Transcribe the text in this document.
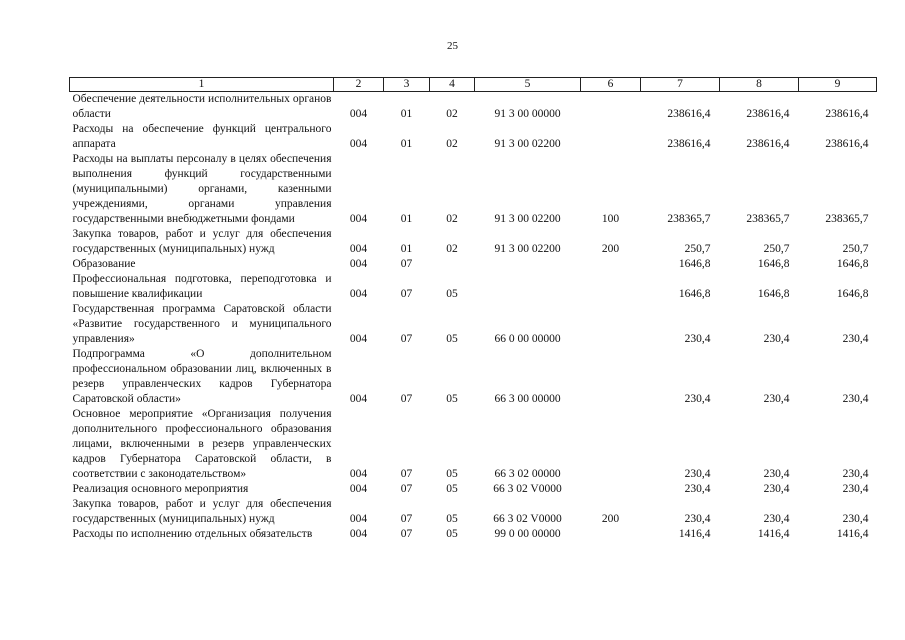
25
1	2	3	4	5	6	7	8	9
Обеспечение деятельности исполнительных органов области	004	01	02	91 3 00 00000		238616,4	238616,4	238616,4
Расходы на обеспечение функций центрального аппарата	004	01	02	91 3 00 02200		238616,4	238616,4	238616,4
Расходы на выплаты персоналу в целях обеспечения выполнения функций государственными (муниципальными) органами, казенными учреждениями, органами управления государственными внебюджетными фондами	004	01	02	91 3 00 02200	100	238365,7	238365,7	238365,7
Закупка товаров, работ и услуг для обеспечения государственных (муниципальных) нужд	004	01	02	91 3 00 02200	200	250,7	250,7	250,7
Образование	004	07				1646,8	1646,8	1646,8
Профессиональная подготовка, переподготовка и повышение квалификации	004	07	05			1646,8	1646,8	1646,8
Государственная программа Саратовской области «Развитие государственного и муниципального управления»	004	07	05	66 0 00 00000		230,4	230,4	230,4
Подпрограмма «О дополнительном профессиональном образовании лиц, включенных в резерв управленческих кадров Губернатора Саратовской области»	004	07	05	66 3 00 00000		230,4	230,4	230,4
Основное мероприятие «Организация получения дополнительного профессионального образования лицами, включенными в резерв управленческих кадров Губернатора Саратовской области, в соответствии с законодательством»	004	07	05	66 3 02 00000		230,4	230,4	230,4
Реализация основного мероприятия	004	07	05	66 3 02 V0000		230,4	230,4	230,4
Закупка товаров, работ и услуг для обеспечения государственных (муниципальных) нужд	004	07	05	66 3 02 V0000	200	230,4	230,4	230,4
Расходы по исполнению отдельных обязательств	004	07	05	99 0 00 00000		1416,4	1416,4	1416,4
